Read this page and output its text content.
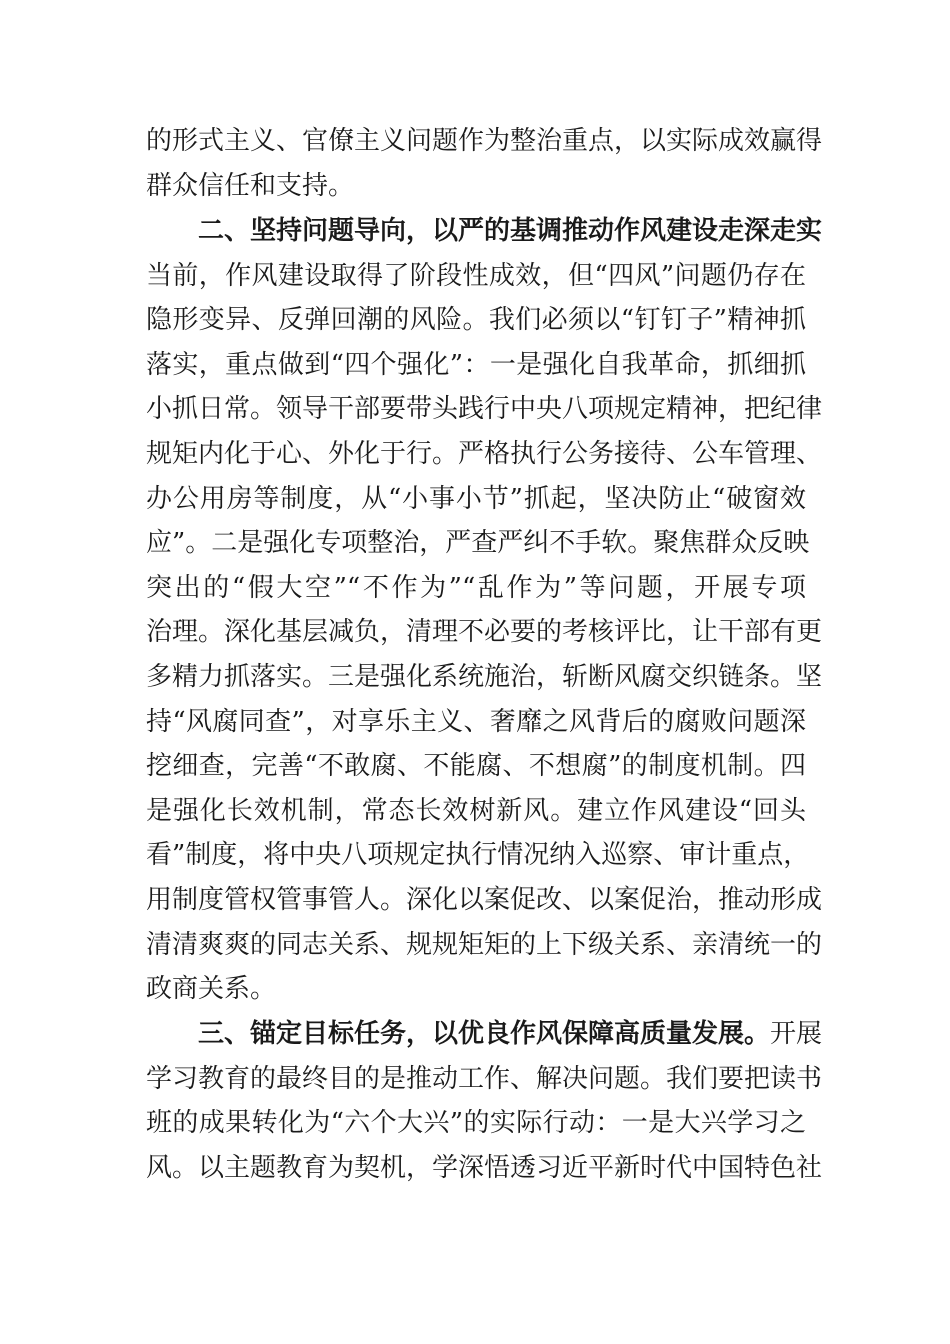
的形式主义、官僚主义问题作为整治重点，以实际成效赢得
群众信任和支持。
二、坚持问题导向，以严的基调推动作风建设走深走实
当前，作风建设取得了阶段性成效，但“四风”问题仍存在
隐形变异、反弹回潮的风险。我们必须以“钉钉子”精神抓
落实，重点做到“四个强化”：一是强化自我革命，抓细抓
小抓日常。领导干部要带头践行中央八项规定精神，把纪律
规矩内化于心、外化于行。严格执行公务接待、公车管理、
办公用房等制度，从“小事小节”抓起，坚决防止“破窗效
应”。二是强化专项整治，严查严纠不手软。聚焦群众反映
突出的“假大空”“不作为”“乱作为”等问题，开展专项
治理。深化基层减负，清理不必要的考核评比，让干部有更
多精力抓落实。三是强化系统施治，斩断风腐交织链条。坚
持“风腐同查”，对享乐主义、奢靡之风背后的腐败问题深
挖细查，完善“不敢腐、不能腐、不想腐”的制度机制。四
是强化长效机制，常态长效树新风。建立作风建设“回头
看”制度，将中央八项规定执行情况纳入巡察、审计重点，
用制度管权管事管人。深化以案促改、以案促治，推动形成
清清爽爽的同志关系、规规矩矩的上下级关系、亲清统一的
政商关系。
三、锚定目标任务，以优良作风保障高质量发展。开展
学习教育的最终目的是推动工作、解决问题。我们要把读书
班的成果转化为“六个大兴”的实际行动：一是大兴学习之
风。以主题教育为契机，学深悟透习近平新时代中国特色社
